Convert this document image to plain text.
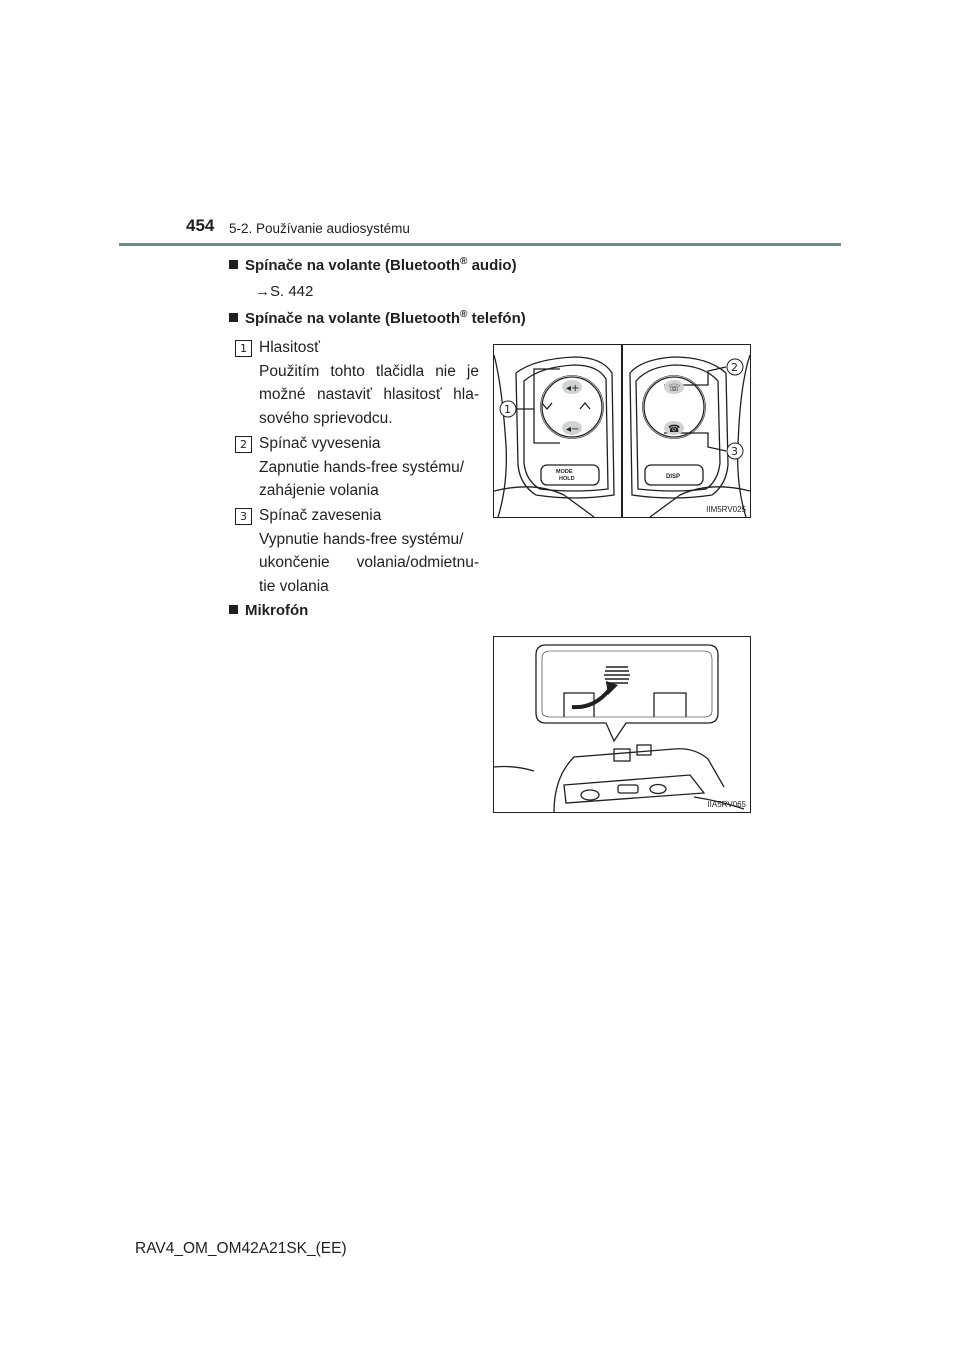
454 5-2. Používanie audiosystému
Spínače na volante (Bluetooth® audio)
→S. 442
Spínače na volante (Bluetooth® telefón)
1 Hlasitosť
Použitím tohto tlačidla nie je
možné nastaviť hlasitosť hla-
sového sprievodcu.
2 Spínač vyvesenia
Zapnutie hands-free systému/
zahájenie volania
3 Spínač zavesenia
Vypnutie hands-free systému/
ukončenie volania/odmietnu-
tie volania
Mikrofón
◂+
◂−
☏
☎
MODE
HOLD	DISP
1
2
3
IIM5RV025
IIA5RV065
RAV4_OM_OM42A21SK_(EE)
